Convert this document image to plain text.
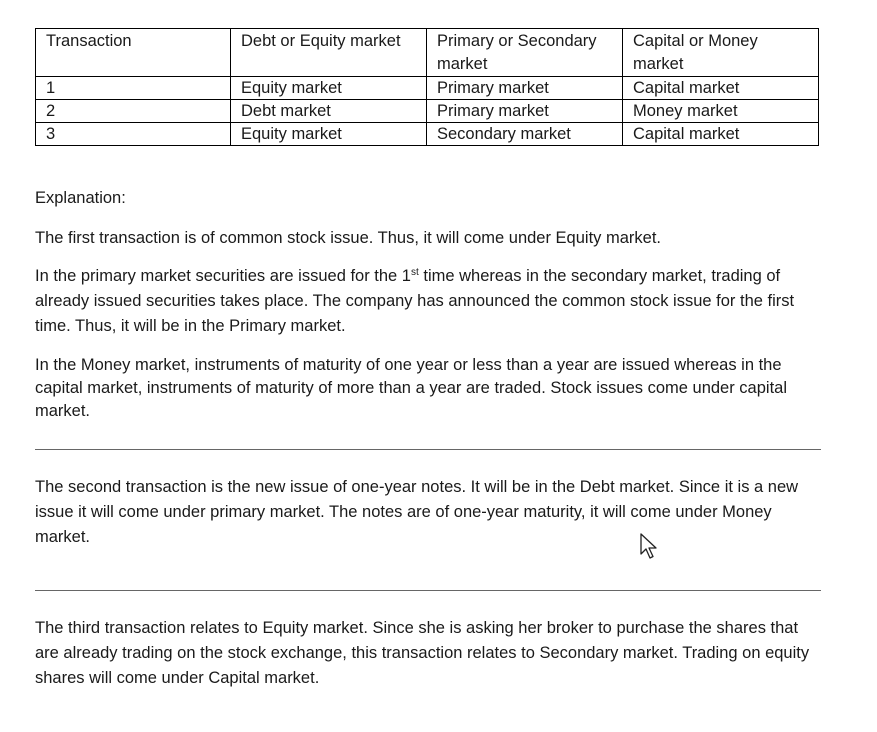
Transaction	Debt or Equity market	Primary or Secondary market	Capital or Money market
1	Equity market	Primary market	Capital market
2	Debt market	Primary market	Money market
3	Equity market	Secondary market	Capital market

Explanation:

The first transaction is of common stock issue. Thus, it will come under Equity market.

In the primary market securities are issued for the 1st time whereas in the secondary market, trading of already issued securities takes place. The company has announced the common stock issue for the first time. Thus, it will be in the Primary market.

In the Money market, instruments of maturity of one year or less than a year are issued whereas in the capital market, instruments of maturity of more than a year are traded. Stock issues come under capital market.

The second transaction is the new issue of one-year notes. It will be in the Debt market. Since it is a new issue it will come under primary market. The notes are of one-year maturity, it will come under Money market.

The third transaction relates to Equity market. Since she is asking her broker to purchase the shares that are already trading on the stock exchange, this transaction relates to Secondary market. Trading on equity shares will come under Capital market.
